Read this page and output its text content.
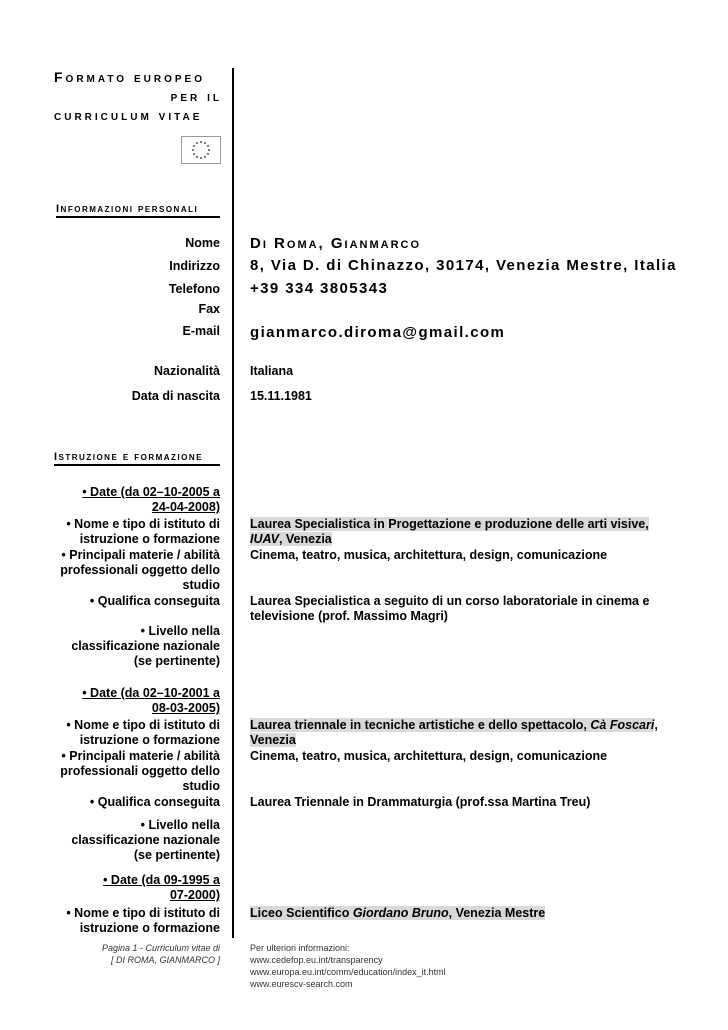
Formato europeo
per il
curriculum vitae
Informazioni personali
Nome Di Roma, Gianmarco
Indirizzo 8, Via D. di Chinazzo, 30174, Venezia Mestre, Italia
Telefono +39 334 3805343
Fax
E-mail gianmarco.diroma@gmail.com
Nazionalità Italiana
Data di nascita 15.11.1981
Istruzione e formazione
• Date (da 02–10-2005 a
24-04-2008)
• Nome e tipo di istituto di
istruzione o formazione
Laurea Specialistica in Progettazione e produzione delle arti visive,
IUAV, Venezia
• Principali materie / abilità
professionali oggetto dello
studio
Cinema, teatro, musica, architettura, design, comunicazione
• Qualifica conseguita Laurea Specialistica a seguito di un corso laboratoriale in cinema e
televisione (prof. Massimo Magri)
• Livello nella
classificazione nazionale
(se pertinente)
• Date (da 02–10-2001 a
08-03-2005)
• Nome e tipo di istituto di
istruzione o formazione
Laurea triennale in tecniche artistiche e dello spettacolo, Cà Foscari,
Venezia
• Principali materie / abilità
professionali oggetto dello
studio
Cinema, teatro, musica, architettura, design, comunicazione
• Qualifica conseguita Laurea Triennale in Drammaturgia (prof.ssa Martina Treu)
• Livello nella
classificazione nazionale
(se pertinente)
• Date (da 09-1995 a
07-2000)
• Nome e tipo di istituto di
istruzione o formazione
Liceo Scientifico Giordano Bruno, Venezia Mestre
Pagina 1 - Curriculum vitae di
[ DI ROMA, GIANMARCO ]
Per ulteriori informazioni:
www.cedefop.eu.int/transparency
www.europa.eu.int/comm/education/index_it.html
www.eurescv-search.com
